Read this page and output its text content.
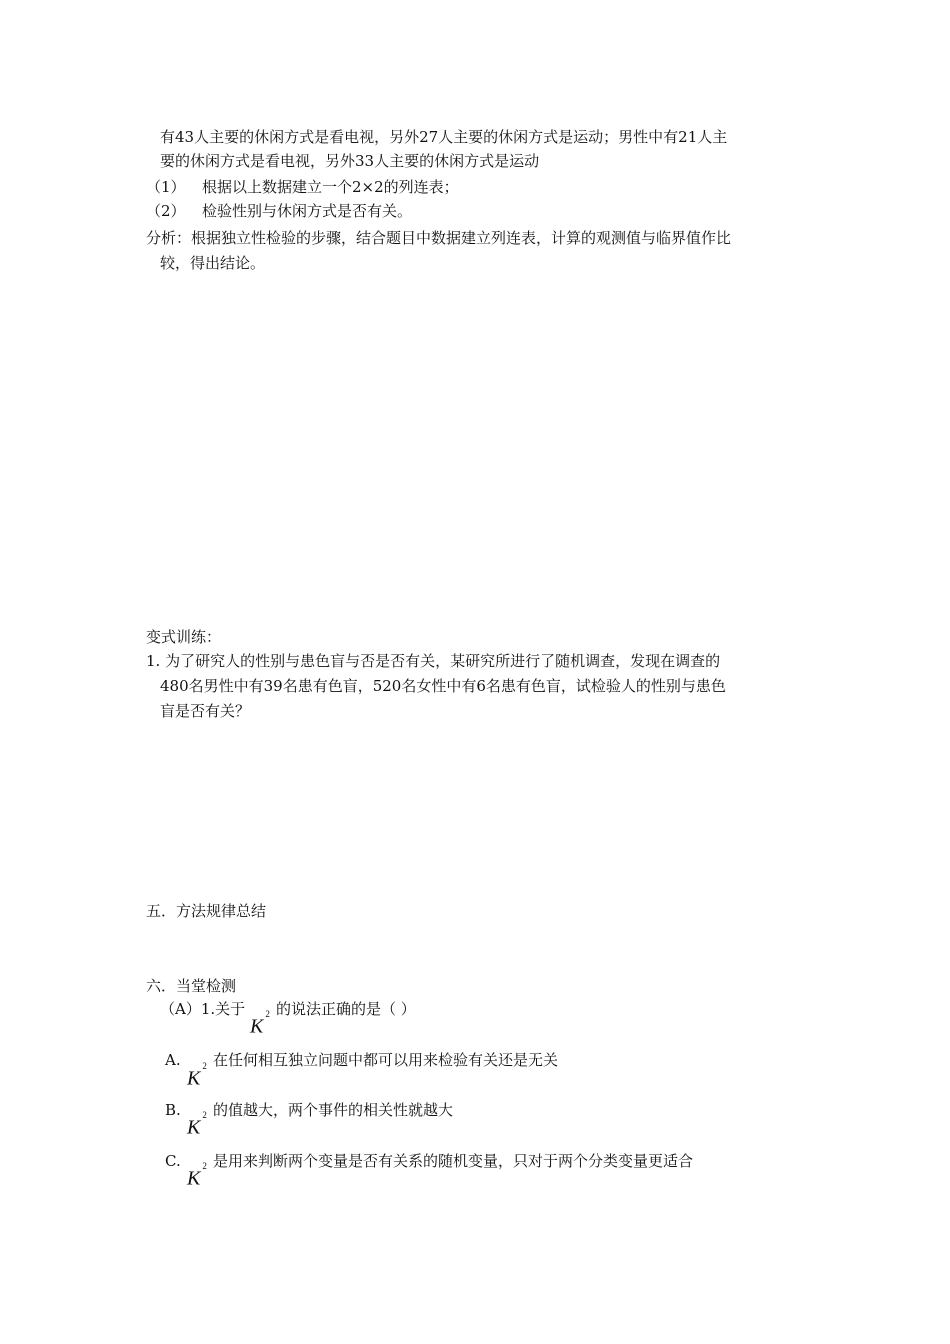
有43人主要的休闲方式是看电视，另外27人主要的休闲方式是运动；男性中有21人主
要的休闲方式是看电视，另外33人主要的休闲方式是运动
（1） 根据以上数据建立一个2×2的列连表；
（2） 检验性别与休闲方式是否有关。
分析：根据独立性检验的步骤，结合题目中数据建立列连表，计算的观测值与临界值作比
较，得出结论。
变式训练：
1. 为了研究人的性别与患色盲与否是否有关，某研究所进行了随机调查，发现在调查的
480名男性中有39名患有色盲，520名女性中有6名患有色盲，试检验人的性别与患色
盲是否有关？
五．方法规律总结
六．当堂检测
（A）1.关于
$K^2$ 的说法正确的是（ ）
A.
$K^2$ 在任何相互独立问题中都可以用来检验有关还是无关
B.
$K^2$ 的值越大，两个事件的相关性就越大
C.
$K^2$ 是用来判断两个变量是否有关系的随机变量，只对于两个分类变量更适合
